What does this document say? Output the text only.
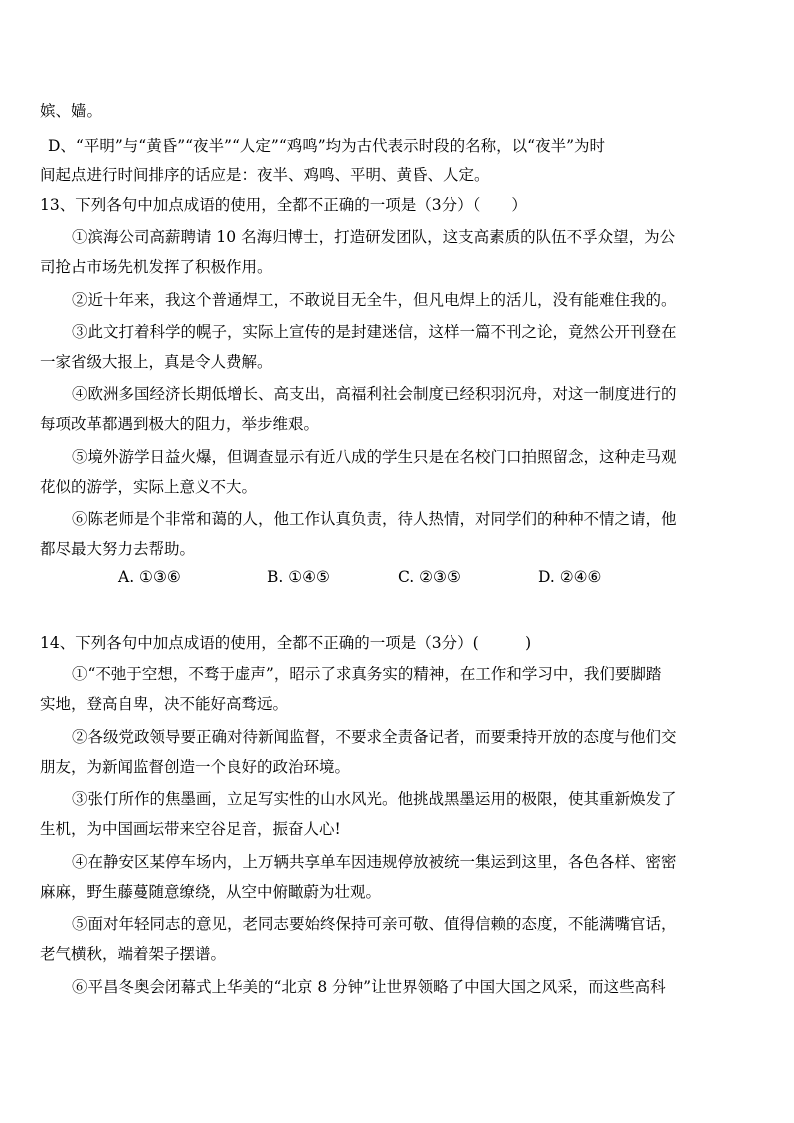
嫔、嫱。
D、“平明”与“黄昏”“夜半”“人定”“鸡鸣”均为古代表示时段的名称，以“夜半”为时
间起点进行时间排序的话应是：夜半、鸡鸣、平明、黄昏、人定。
13、下列各句中加点成语的使用，全都不正确的一项是（3分）（　　）
①滨海公司高薪聘请 10 名海归博士，打造研发团队，这支高素质的队伍不孚众望，为公
司抢占市场先机发挥了积极作用。
②近十年来，我这个普通焊工，不敢说目无全牛，但凡电焊上的活儿，没有能难住我的。
③此文打着科学的幌子，实际上宣传的是封建迷信，这样一篇不刊之论，竟然公开刊登在
一家省级大报上，真是令人费解。
④欧洲多国经济长期低增长、高支出，高福利社会制度已经积羽沉舟，对这一制度进行的
每项改革都遇到极大的阻力，举步维艰。
⑤境外游学日益火爆，但调查显示有近八成的学生只是在名校门口拍照留念，这种走马观
花似的游学，实际上意义不大。
⑥陈老师是个非常和蔼的人，他工作认真负责，待人热情，对同学们的种种不情之请，他
都尽最大努力去帮助。
A. ①③⑥	B. ①④⑤	C. ②③⑤	D. ②④⑥
14、下列各句中加点成语的使用，全都不正确的一项是（3分）(　　　)
①“不弛于空想，不骛于虚声”，昭示了求真务实的精神，在工作和学习中，我们要脚踏
实地，登高自卑，决不能好高骛远。
②各级党政领导要正确对待新闻监督，不要求全责备记者，而要秉持开放的态度与他们交
朋友，为新闻监督创造一个良好的政治环境。
③张仃所作的焦墨画，立足写实性的山水风光。他挑战黑墨运用的极限，使其重新焕发了
生机，为中国画坛带来空谷足音，振奋人心!
④在静安区某停车场内，上万辆共享单车因违规停放被统一集运到这里，各色各样、密密
麻麻，野生藤蔓随意缭绕，从空中俯瞰蔚为壮观。
⑤面对年轻同志的意见，老同志要始终保持可亲可敬、值得信赖的态度，不能满嘴官话，
老气横秋，端着架子摆谱。
⑥平昌冬奥会闭幕式上华美的“北京 8 分钟”让世界领略了中国大国之风采，而这些高科
